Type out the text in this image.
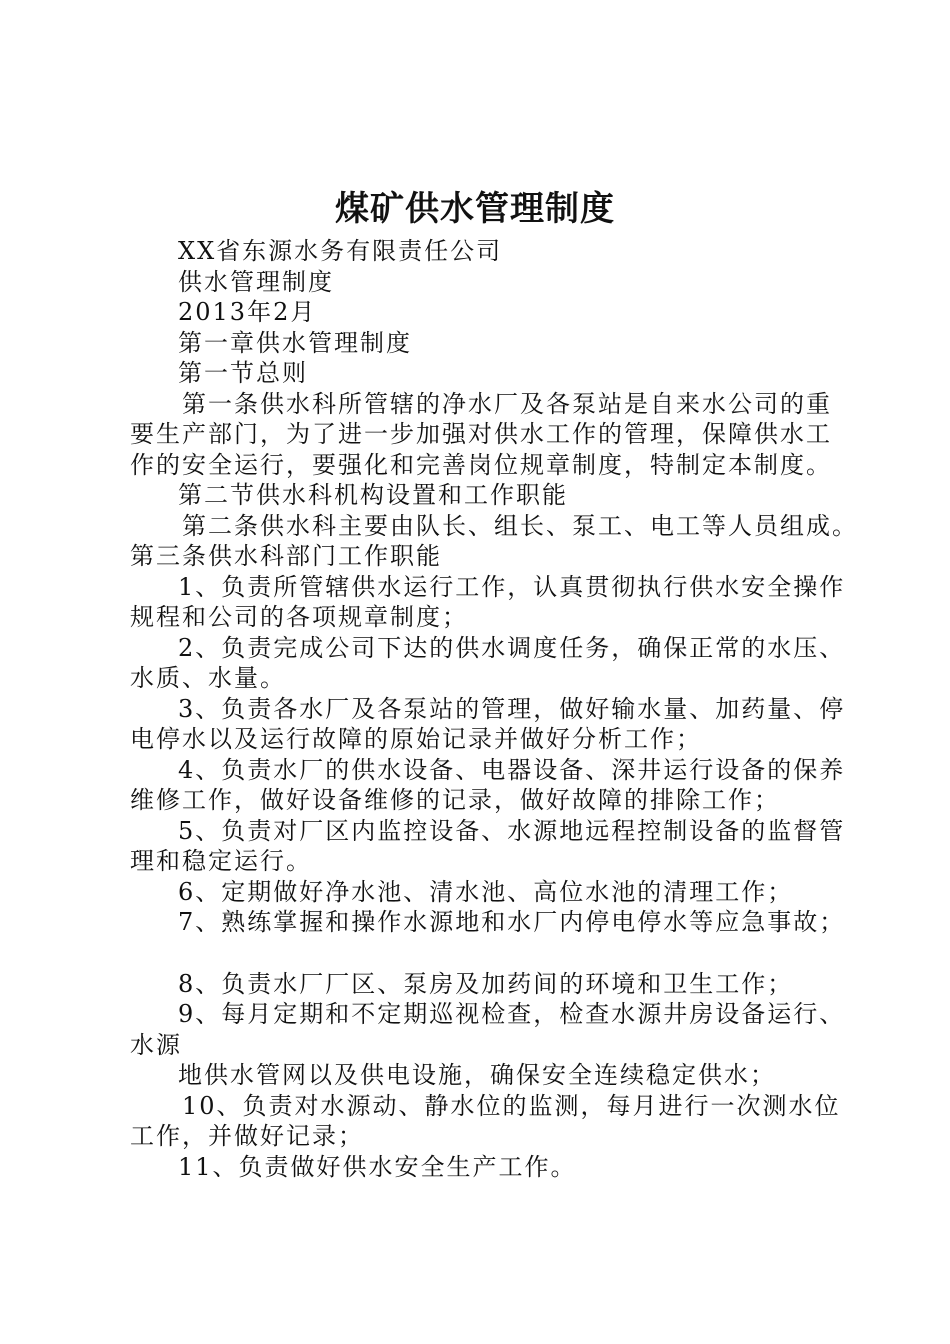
煤矿供水管理制度
XX省东源水务有限责任公司
供水管理制度
2013年2月
第一章供水管理制度
第一节总则
第一条供水科所管辖的净水厂及各泵站是自来水公司的重
要生产部门，为了进一步加强对供水工作的管理，保障供水工
作的安全运行，要强化和完善岗位规章制度，特制定本制度。
第二节供水科机构设置和工作职能
第二条供水科主要由队长、组长、泵工、电工等人员组成。
第三条供水科部门工作职能
1、负责所管辖供水运行工作，认真贯彻执行供水安全操作
规程和公司的各项规章制度；
2、负责完成公司下达的供水调度任务，确保正常的水压、
水质、水量。
3、负责各水厂及各泵站的管理，做好输水量、加药量、停
电停水以及运行故障的原始记录并做好分析工作；
4、负责水厂的供水设备、电器设备、深井运行设备的保养
维修工作，做好设备维修的记录，做好故障的排除工作；
5、负责对厂区内监控设备、水源地远程控制设备的监督管
理和稳定运行。
6、定期做好净水池、清水池、高位水池的清理工作；
7、熟练掌握和操作水源地和水厂内停电停水等应急事故；
8、负责水厂厂区、泵房及加药间的环境和卫生工作；
9、每月定期和不定期巡视检查，检查水源井房设备运行、
水源
地供水管网以及供电设施，确保安全连续稳定供水；
10、负责对水源动、静水位的监测，每月进行一次测水位
工作，并做好记录；
11、负责做好供水安全生产工作。
